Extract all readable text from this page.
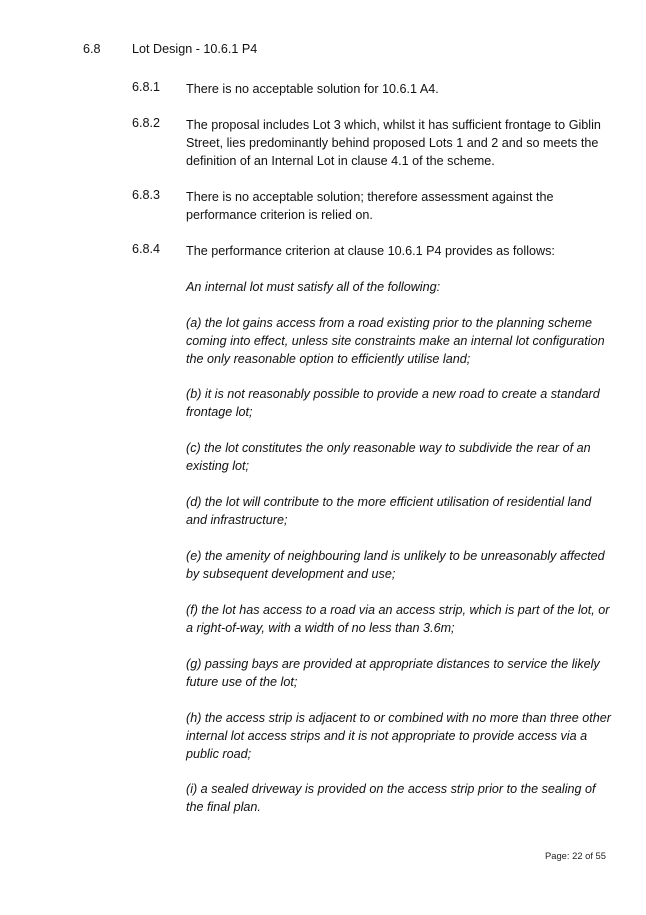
6.8 Lot Design - 10.6.1 P4
6.8.1 There is no acceptable solution for 10.6.1 A4.
6.8.2 The proposal includes Lot 3 which, whilst it has sufficient frontage to Giblin Street, lies predominantly behind proposed Lots 1 and 2 and so meets the definition of an Internal Lot in clause 4.1 of the scheme.
6.8.3 There is no acceptable solution; therefore assessment against the performance criterion is relied on.
6.8.4 The performance criterion at clause 10.6.1 P4 provides as follows:
An internal lot must satisfy all of the following:
(a) the lot gains access from a road existing prior to the planning scheme coming into effect, unless site constraints make an internal lot configuration the only reasonable option to efficiently utilise land;
(b) it is not reasonably possible to provide a new road to create a standard frontage lot;
(c) the lot constitutes the only reasonable way to subdivide the rear of an existing lot;
(d) the lot will contribute to the more efficient utilisation of residential land and infrastructure;
(e) the amenity of neighbouring land is unlikely to be unreasonably affected by subsequent development and use;
(f) the lot has access to a road via an access strip, which is part of the lot, or a right-of-way, with a width of no less than 3.6m;
(g) passing bays are provided at appropriate distances to service the likely future use of the lot;
(h) the access strip is adjacent to or combined with no more than three other internal lot access strips and it is not appropriate to provide access via a public road;
(i) a sealed driveway is provided on the access strip prior to the sealing of the final plan.
Page: 22 of 55
